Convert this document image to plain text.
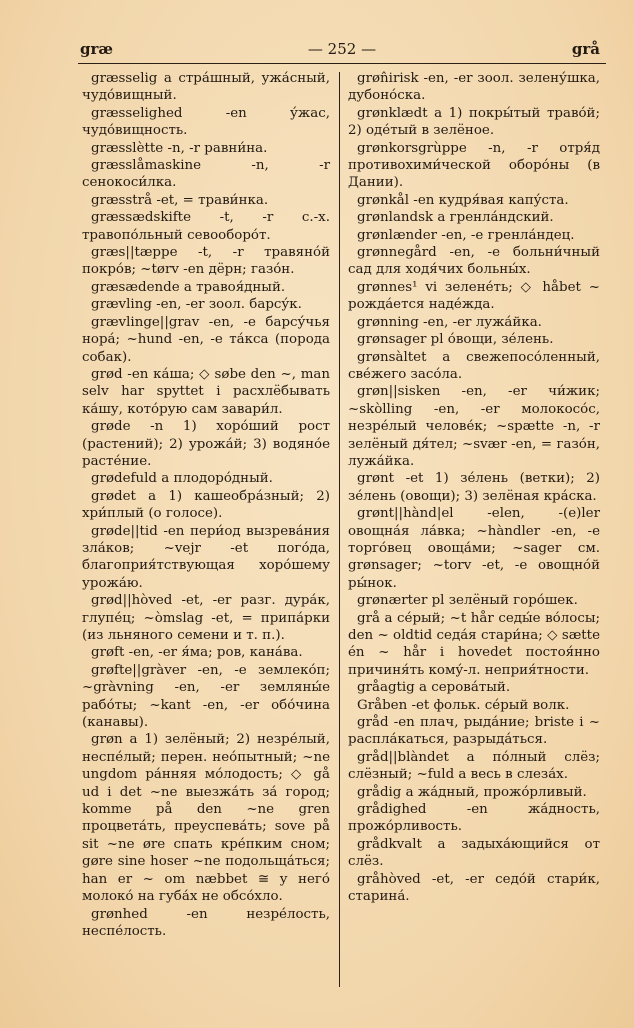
græ	— 252 —	grå

græsselig a стра́шный, ужа́сный, чудо́вищный.

græsselighed -en у́жас, чудо́вищность.

græsslètte -n, -r равни́на.

græsslåmaskine -n, -r сенокоси́лка.

græsstrå -et, = трави́нка.

græssædskifte -t, -r с.-х. травопо́льный севооборо́т.

græs||tæppe -t, -r травяно́й покро́в; ~tørv -en дёрн; газо́н.

græsædende a травоя́дный.

grævling -en, -er зоол. барсу́к.

grævlinge||grav -en, -e барсу́чья нора́; ~hund -en, -e та́кса (порода собак).

grød -en ка́ша; ◇ søbe den ~, man selv har spyttet i расхлёбывать ка́шу, кото́рую сам завари́л.

grøde -n 1) хоро́ший рост (растений); 2) урожа́й; 3) водяно́е расте́ние.

grødefuld a плодоро́дный.

grødet a 1) кашеобра́зный; 2) хри́плый (о голосе).

grøde||tid -en пери́од вызрева́ния зла́ков; ~vejr -et пого́да, благоприя́тствующая хоро́шему урожа́ю.

grød||hòved -et, -er разг. дура́к, глупе́ц; ~òmslag -et, = припа́рки (из льняного семени и т. п.).

grøft -en, -er я́ма; ров, кана́ва.

grøfte||gràver -en, -e землеко́п; ~gràvning -en, -er земляны́е рабо́ты; ~kant -en, -er обо́чина (канавы).

grøn a 1) зелёный; 2) незре́лый, неспе́лый; перен. нео́пытный; ~ne ungdom ра́нняя мо́лодость; ◇ gå ud i det ~ne выезжа́ть за́ город; komme på den ~ne gren процвета́ть, преуспева́ть; sove på sit ~ne øre спать кре́пким сном; gøre sine hoser ~ne подольща́ться; han er ~ om næbbet ≅ у него́ молоко́ на губа́х не обсо́хло.

grønhed -en незре́лость, неспе́лость.

grøn̂irisk -en, -er зоол. зелену́шка, дубоно́ска.

grønklædt a 1) покры́тый траво́й; 2) оде́тый в зелёное.

grønkorsgrùppe -n, -r отря́д противохими́ческой оборо́ны (в Дании).

grønkål -en кудря́вая капу́ста.

grønlandsk a гренла́ндский.

grønlænder -en, -e гренла́ндец.

grønnegård -en, -e больни́чный сад для ходя́чих больны́х.

grønnes¹ vi зелене́ть; ◇ håbet ~ рожда́ется наде́жда.

grønning -en, -er лужа́йка.

grønsager pl о́вощи, зе́лень.

grønsàltet a свежепосо́ленный, све́жего засо́ла.

grøn||sisken -en, -er чи́жик; ~skòlling -en, -er молокосо́с, незре́лый челове́к; ~spætte -n, -r зелёный дя́тел; ~svær -en, = газо́н, лужа́йка.

grønt -et 1) зе́лень (ветки); 2) зе́лень (овощи); 3) зелёная кра́ска.

grønt||hànd|el -elen, -(e)ler овощна́я ла́вка; ~hàndler -en, -e торго́вец овоща́ми; ~sager см. grønsager; ~torv -et, -e овощно́й ры́нок.

grønærter pl зелёный горо́шек.

grå a се́рый; ~t hår седы́е во́лосы; den ~ oldtid седа́я стари́на; ◇ sætte én ~ hår i hovedet постоя́нно причиня́ть кому́-л. неприя́тности.

gråagtig a серова́тый.

Gråben -et фольк. се́рый волк.

gråd -en плач, рыда́ние; briste i ~ распла́каться, разрыда́ться.

gråd||blàndet a по́лный слёз; слёзный; ~fuld a весь в слеза́х.

grådig a жа́дный, прожо́рливый.

grådighed -en жа́дность, прожо́рливость.

grådkvalt a задыха́ющийся от слёз.

gråhòved -et, -er седо́й стари́к, старина́.
